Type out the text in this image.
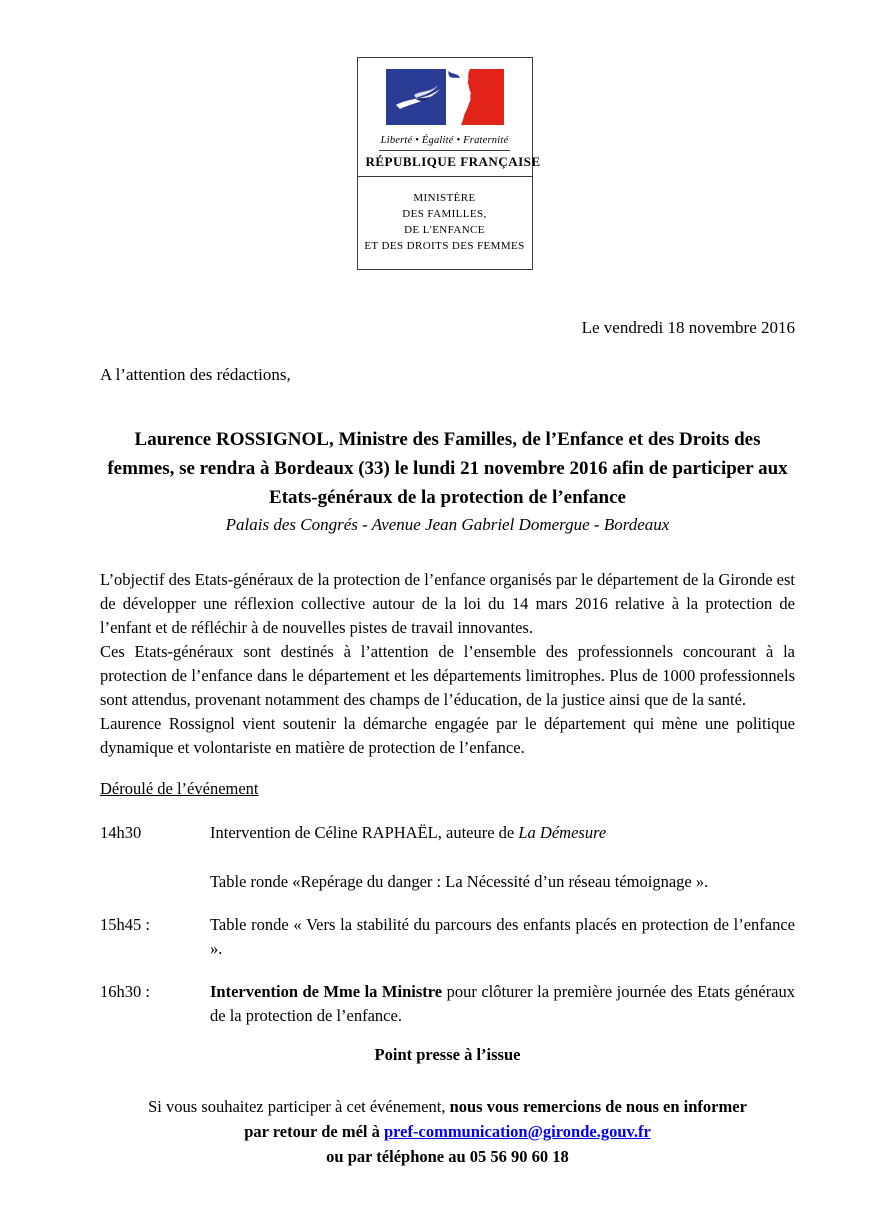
Liberté • Égalité • Fraternité
RÉPUBLIQUE FRANÇAISE
MINISTÈRE
DES FAMILLES,
DE L'ENFANCE
ET DES DROITS DES FEMMES
Le vendredi 18 novembre 2016
A l’attention des rédactions,
Laurence ROSSIGNOL, Ministre des Familles, de l’Enfance et des Droits des femmes, se rendra à Bordeaux (33) le lundi 21 novembre 2016 afin de participer aux Etats-généraux de la protection de l’enfance
Palais des Congrés - Avenue Jean Gabriel Domergue - Bordeaux

L’objectif des Etats-généraux de la protection de l’enfance organisés par le département de la Gironde est de développer une réflexion collective autour de la loi du 14 mars 2016 relative à la protection de l’enfant et de réfléchir à de nouvelles pistes de travail innovantes.

Ces Etats-généraux sont destinés à l’attention de l’ensemble des professionnels concourant à la protection de l’enfance dans le département et les départements limitrophes. Plus de 1000 professionnels sont attendus, provenant notamment des champs de l’éducation, de la justice ainsi que de la santé.

Laurence Rossignol vient soutenir la démarche engagée par le département qui mène une politique dynamique et volontariste en matière de protection de l’enfance.

Déroulé de l’événement
14h30	Intervention de Céline RAPHAËL, auteure de La Démesure
Table ronde «Repérage du danger : La Nécessité d’un réseau témoignage ».
15h45 :	Table ronde « Vers la stabilité du parcours des enfants placés en protection de l’enfance ».
16h30 :	Intervention de Mme la Ministre pour clôturer la première journée des Etats généraux de la protection de l’enfance.
Point presse à l’issue
Si vous souhaitez participer à cet événement, nous vous remercions de nous en informer
par retour de mél à pref-communication@gironde.gouv.fr
ou par téléphone au 05 56 90 60 18
